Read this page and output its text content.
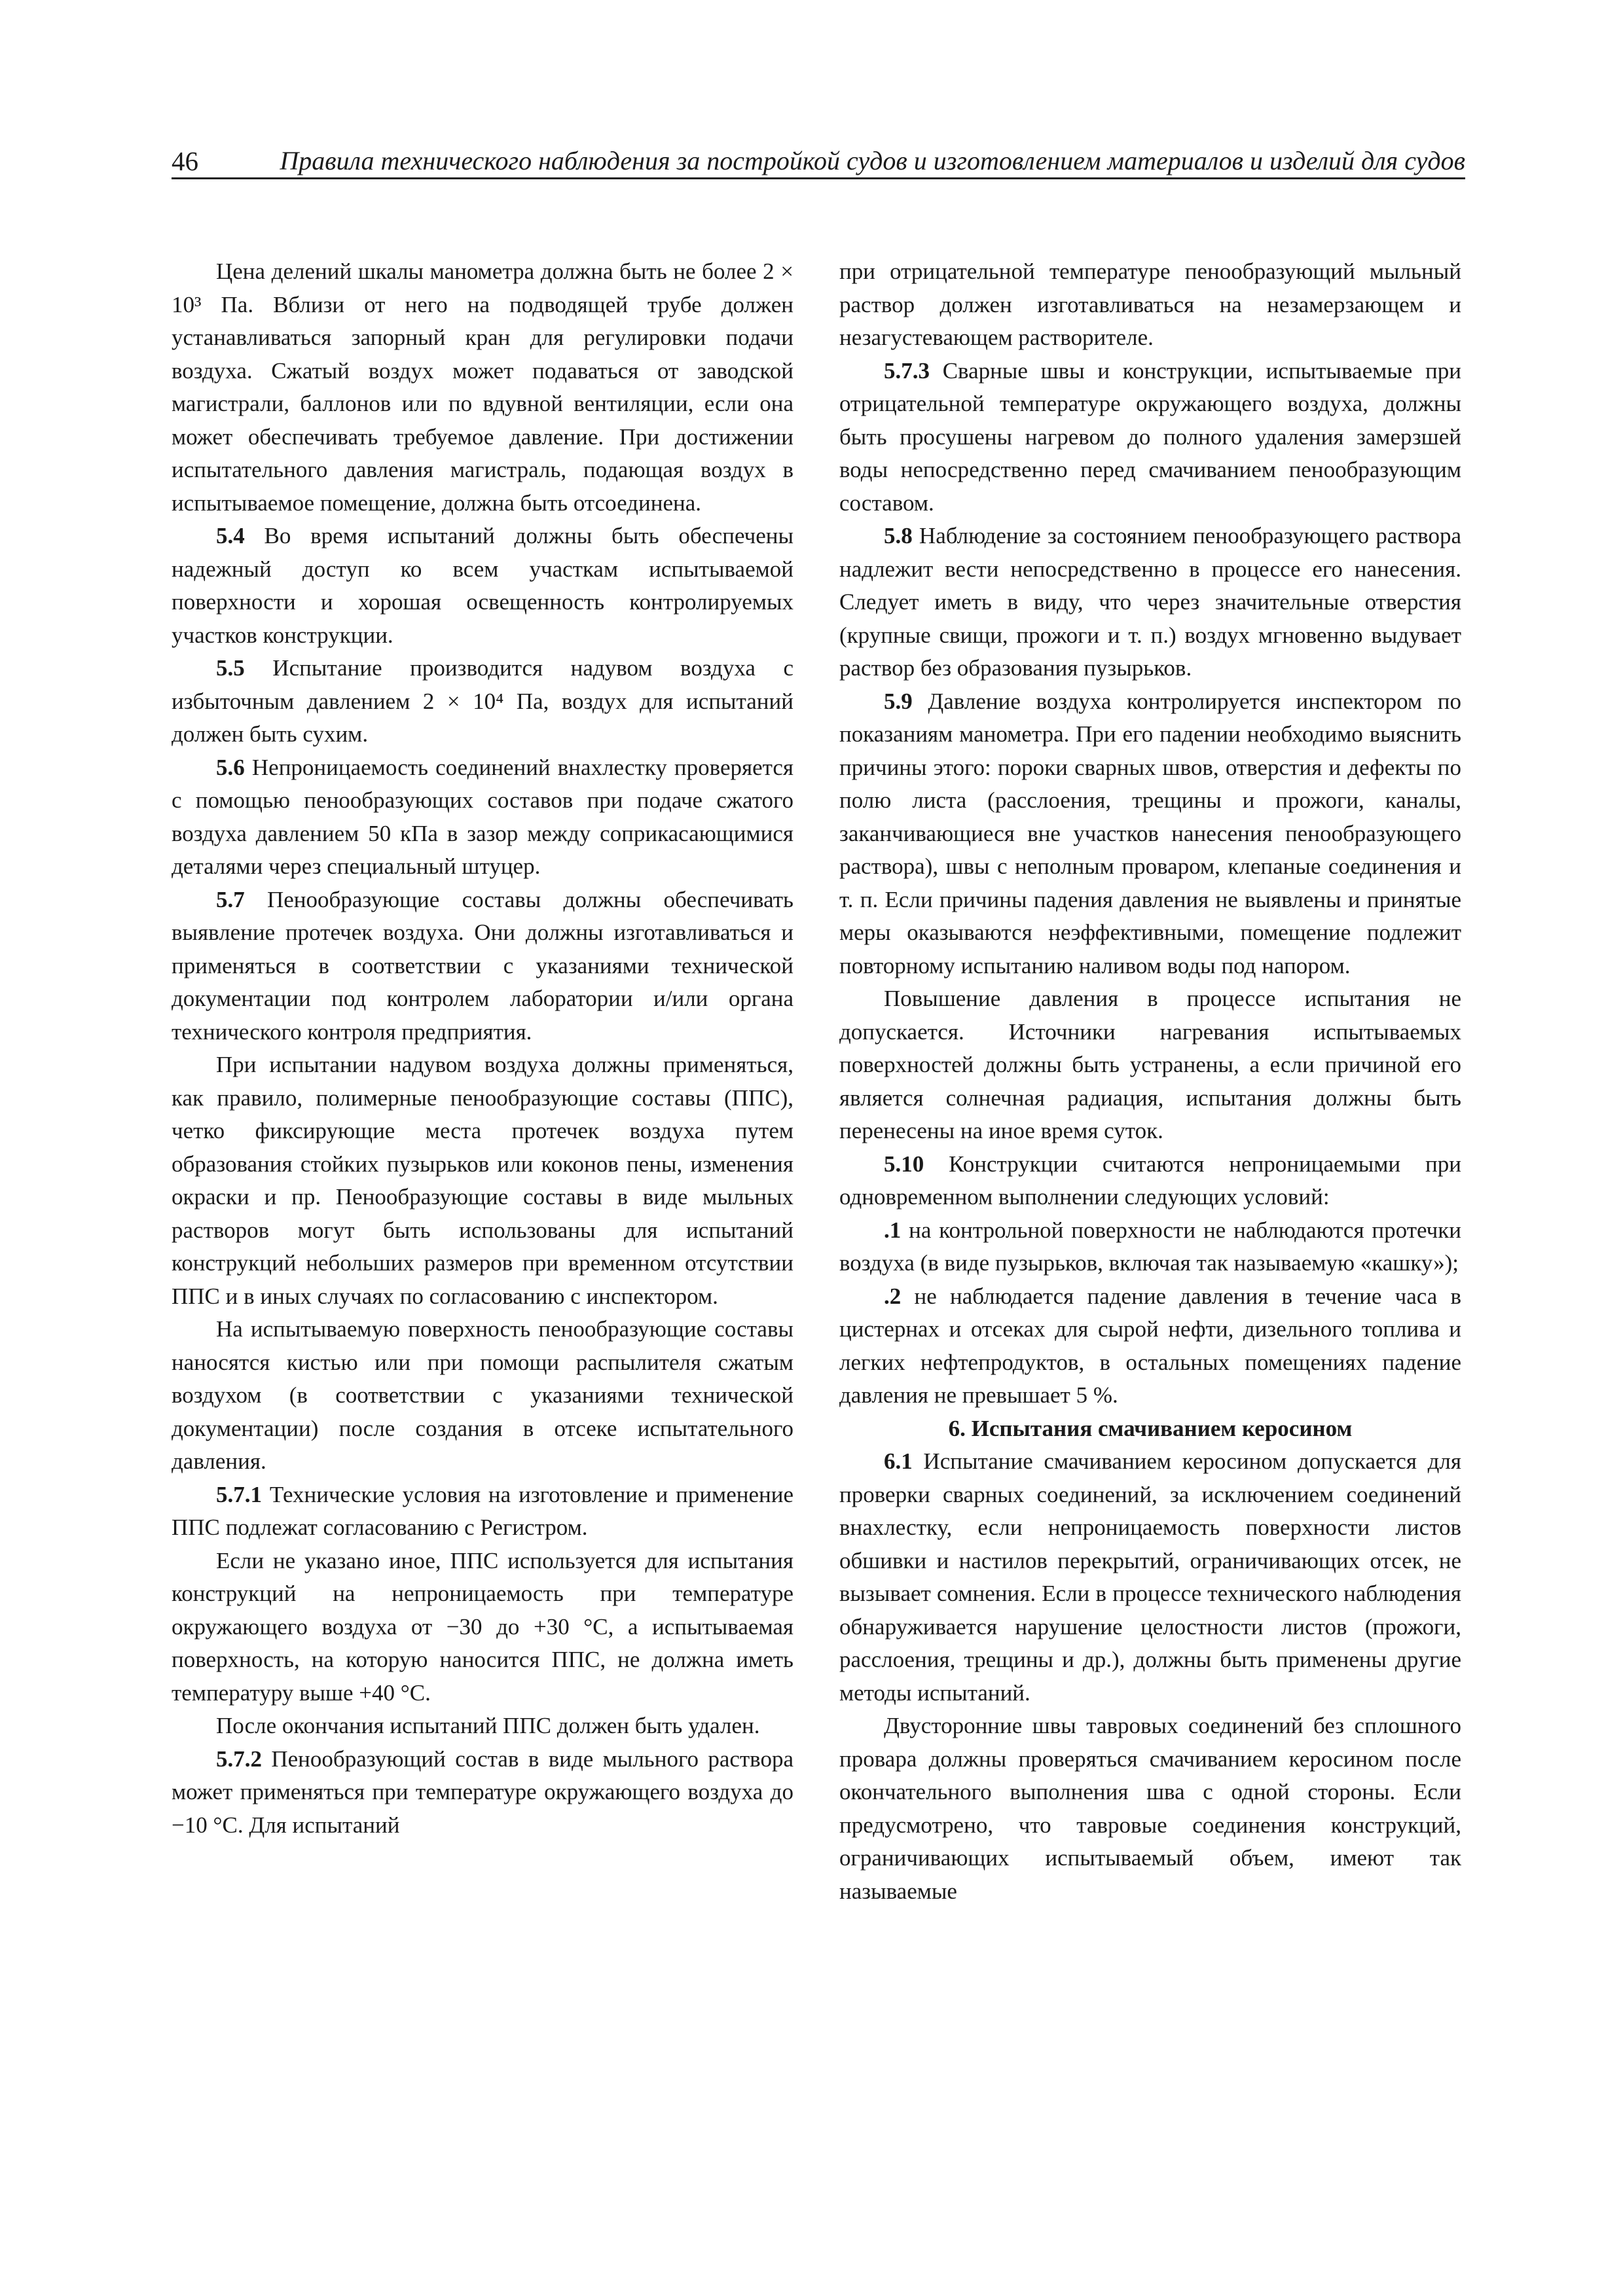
46	Правила технического наблюдения за постройкой судов и изготовлением материалов и изделий для судов

Цена делений шкалы манометра должна быть не более 2 × 10³ Па. Вблизи от него на подводящей трубе должен устанавливаться запорный кран для регулировки подачи воздуха. Сжатый воздух может подаваться от заводской магистрали, баллонов или по вдувной вентиляции, если она может обеспечивать требуемое давление. При достижении испытательного давления магистраль, подающая воздух в испытываемое помещение, должна быть отсоединена.

5.4 Во время испытаний должны быть обеспечены надежный доступ ко всем участкам испытываемой поверхности и хорошая освещенность контролируемых участков конструкции.

5.5 Испытание производится надувом воздуха с избыточным давлением 2 × 10⁴ Па, воздух для испытаний должен быть сухим.

5.6 Непроницаемость соединений внахлестку проверяется с помощью пенообразующих составов при подаче сжатого воздуха давлением 50 кПа в зазор между соприкасающимися деталями через специальный штуцер.

5.7 Пенообразующие составы должны обеспечивать выявление протечек воздуха. Они должны изготавливаться и применяться в соответствии с указаниями технической документации под контролем лаборатории и/или органа технического контроля предприятия.

При испытании надувом воздуха должны применяться, как правило, полимерные пенообразующие составы (ППС), четко фиксирующие места протечек воздуха путем образования стойких пузырьков или коконов пены, изменения окраски и пр. Пенообразующие составы в виде мыльных растворов могут быть использованы для испытаний конструкций небольших размеров при временном отсутствии ППС и в иных случаях по согласованию с инспектором.

На испытываемую поверхность пенообразующие составы наносятся кистью или при помощи распылителя сжатым воздухом (в соответствии с указаниями технической документации) после создания в отсеке испытательного давления.

5.7.1 Технические условия на изготовление и применение ППС подлежат согласованию с Регистром.

Если не указано иное, ППС используется для испытания конструкций на непроницаемость при температуре окружающего воздуха от −30 до +30 °С, а испытываемая поверхность, на которую наносится ППС, не должна иметь температуру выше +40 °С.

После окончания испытаний ППС должен быть удален.

5.7.2 Пенообразующий состав в виде мыльного раствора может применяться при температуре окружающего воздуха до −10 °С. Для испытаний

при отрицательной температуре пенообразующий мыльный раствор должен изготавливаться на незамерзающем и незагустевающем растворителе.

5.7.3 Сварные швы и конструкции, испытываемые при отрицательной температуре окружающего воздуха, должны быть просушены нагревом до полного удаления замерзшей воды непосредственно перед смачиванием пенообразующим составом.

5.8 Наблюдение за состоянием пенообразующего раствора надлежит вести непосредственно в процессе его нанесения. Следует иметь в виду, что через значительные отверстия (крупные свищи, прожоги и т. п.) воздух мгновенно выдувает раствор без образования пузырьков.

5.9 Давление воздуха контролируется инспектором по показаниям манометра. При его падении необходимо выяснить причины этого: пороки сварных швов, отверстия и дефекты по полю листа (расслоения, трещины и прожоги, каналы, заканчивающиеся вне участков нанесения пенообразующего раствора), швы с неполным проваром, клепаные соединения и т. п. Если причины падения давления не выявлены и принятые меры оказываются неэффективными, помещение подлежит повторному испытанию наливом воды под напором.

Повышение давления в процессе испытания не допускается. Источники нагревания испытываемых поверхностей должны быть устранены, а если причиной его является солнечная радиация, испытания должны быть перенесены на иное время суток.

5.10 Конструкции считаются непроницаемыми при одновременном выполнении следующих условий:

.1 на контрольной поверхности не наблюдаются протечки воздуха (в виде пузырьков, включая так называемую «кашку»);

.2 не наблюдается падение давления в течение часа в цистернах и отсеках для сырой нефти, дизельного топлива и легких нефтепродуктов, в остальных помещениях падение давления не превышает 5 %.

6. Испытания смачиванием керосином

6.1 Испытание смачиванием керосином допускается для проверки сварных соединений, за исключением соединений внахлестку, если непроницаемость поверхности листов обшивки и настилов перекрытий, ограничивающих отсек, не вызывает сомнения. Если в процессе технического наблюдения обнаруживается нарушение целостности листов (прожоги, расслоения, трещины и др.), должны быть применены другие методы испытаний.

Двусторонние швы тавровых соединений без сплошного провара должны проверяться смачиванием керосином после окончательного выполнения шва с одной стороны. Если предусмотрено, что тавровые соединения конструкций, ограничивающих испытываемый объем, имеют так называемые
